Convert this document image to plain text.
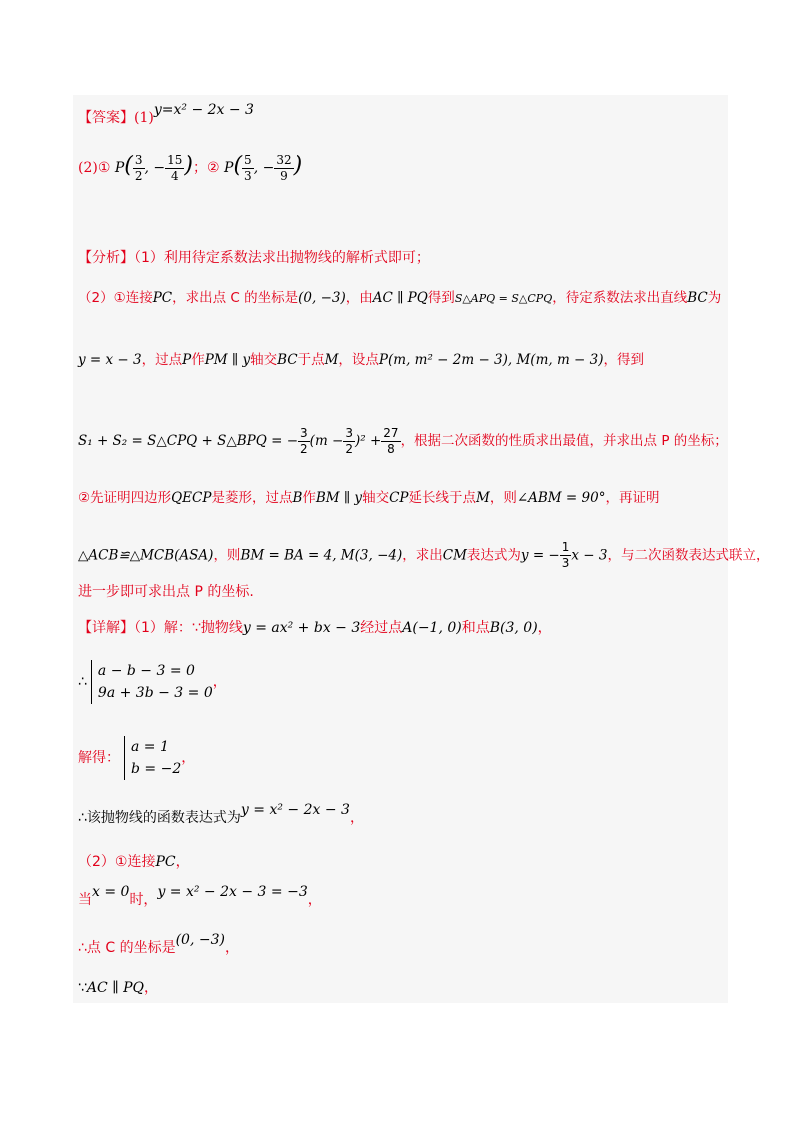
【答案】(1)y=x² − 2x − 3
(2)① $P( \frac{3}{2}$ , − $\frac{15}{4}$ )；② $P( \frac{5}{3}$ , − $\frac{32}{9}$ )
【分析】（1）利用待定系数法求出抛物线的解析式即可；
（2）①连接PC，求出点 C 的坐标是(0, −3)，由AC ∥ PQ得到S△APQ = S△CPQ，待定系数法求出直线BC为
y = x − 3，过点P作PM ∥ y轴交BC于点M，设点P(m, m² − 2m − 3), M(m, m − 3)，得到
S₁ + S₂ = S△CPQ + S△BPQ = − $\frac{3}{2} (m - \frac{3}{2} )^2 + \frac{27}{8}$ ，根据二次函数的性质求出最值，并求出点 P 的坐标；
②先证明四边形QECP是菱形，过点B作BM ∥ y轴交CP延长线于点M，则∠ABM = 90°，再证明
△ACB≌△MCB(ASA)，则BM = BA = 4, M(3, −4)，求出CM表达式为y = − $\frac{1}{3}$ x − 3，与二次函数表达式联立，
进一步即可求出点 P 的坐标.
【详解】（1）解：∵抛物线y = ax² + bx − 3经过点A(−1, 0)和点B(3, 0)，
∴
a − b − 3 = 0
9a + 3b − 3 = 0
，
解得：
a = 1
b = −2
，
∴该抛物线的函数表达式为y = x² − 2x − 3，
（2）①连接PC，
当x = 0时，y = x² − 2x − 3 = −3，
∴点 C 的坐标是(0, −3)，
∵AC ∥ PQ，
